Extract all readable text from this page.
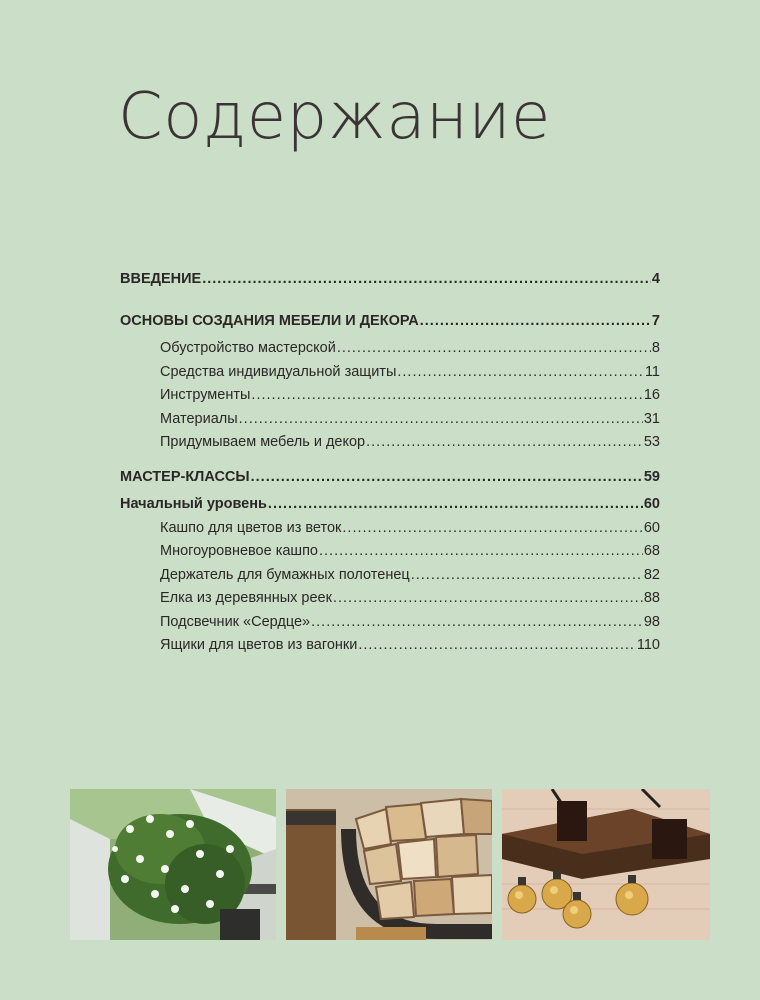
Содержание
ВВЕДЕНИЕ .....	4
ОСНОВЫ СОЗДАНИЯ МЕБЕЛИ И ДЕКОРА .....	7
Обустройство мастерской .....	8
Средства индивидуальной защиты .....	11
Инструменты .....	16
Материалы .....	31
Придумываем мебель и декор .....	53
МАСТЕР-КЛАССЫ .....	59
Начальный уровень .....	60
Кашпо для цветов из веток .....	60
Многоуровневое кашпо .....	68
Держатель для бумажных полотенец .....	82
Елка из деревянных реек .....	88
Подсвечник «Сердце» .....	98
Ящики для цветов из вагонки .....	110
